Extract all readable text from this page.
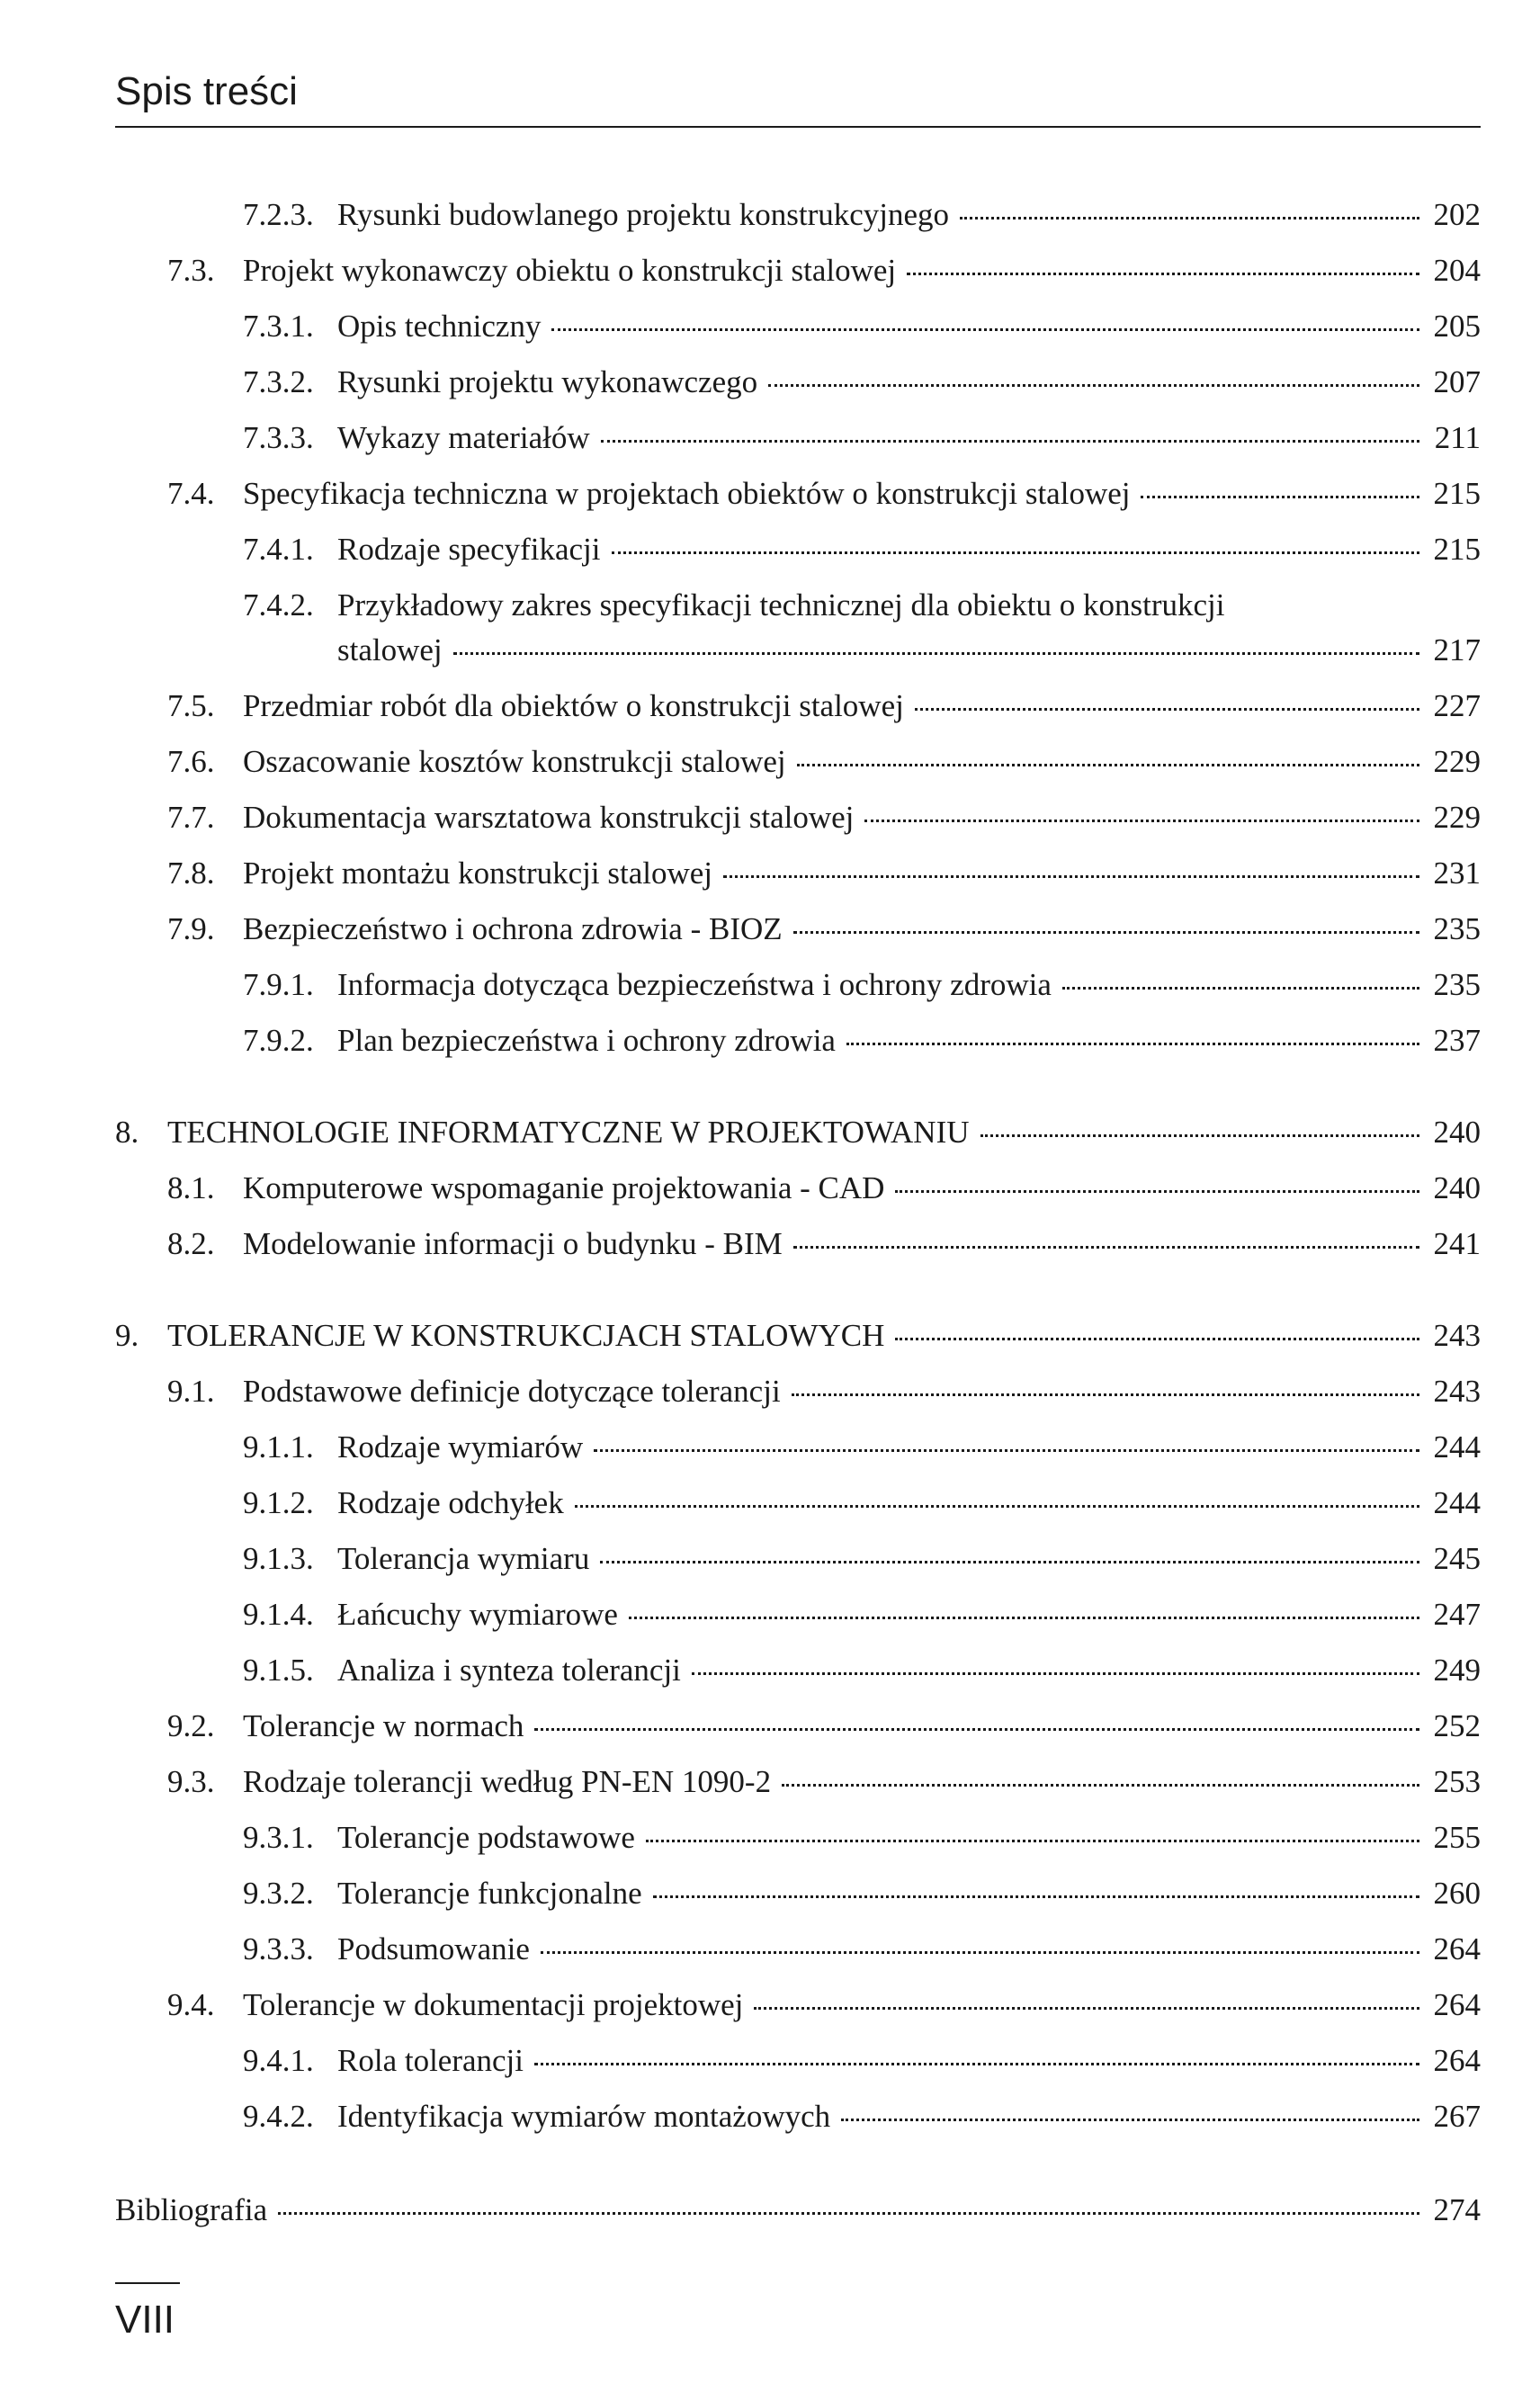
Spis treści
7.2.3. Rysunki budowlanego projektu konstrukcyjnego	202
7.3. Projekt wykonawczy obiektu o konstrukcji stalowej	204
7.3.1. Opis techniczny	205
7.3.2. Rysunki projektu wykonawczego	207
7.3.3. Wykazy materiałów	211
7.4. Specyfikacja techniczna w projektach obiektów o konstrukcji stalowej	215
7.4.1. Rodzaje specyfikacji	215
7.4.2. Przykładowy zakres specyfikacji technicznej dla obiektu o konstrukcji
stalowej	217
7.5. Przedmiar robót dla obiektów o konstrukcji stalowej	227
7.6. Oszacowanie kosztów konstrukcji stalowej	229
7.7. Dokumentacja warsztatowa konstrukcji stalowej	229
7.8. Projekt montażu konstrukcji stalowej	231
7.9. Bezpieczeństwo i ochrona zdrowia - BIOZ	235
7.9.1. Informacja dotycząca bezpieczeństwa i ochrony zdrowia	235
7.9.2. Plan bezpieczeństwa i ochrony zdrowia	237
8. TECHNOLOGIE INFORMATYCZNE W PROJEKTOWANIU	240
8.1. Komputerowe wspomaganie projektowania - CAD	240
8.2. Modelowanie informacji o budynku - BIM	241
9. TOLERANCJE W KONSTRUKCJACH STALOWYCH	243
9.1. Podstawowe definicje dotyczące tolerancji	243
9.1.1. Rodzaje wymiarów	244
9.1.2. Rodzaje odchyłek	244
9.1.3. Tolerancja wymiaru	245
9.1.4. Łańcuchy wymiarowe	247
9.1.5. Analiza i synteza tolerancji	249
9.2. Tolerancje w normach	252
9.3. Rodzaje tolerancji według PN-EN 1090-2	253
9.3.1. Tolerancje podstawowe	255
9.3.2. Tolerancje funkcjonalne	260
9.3.3. Podsumowanie	264
9.4. Tolerancje w dokumentacji projektowej	264
9.4.1. Rola tolerancji	264
9.4.2. Identyfikacja wymiarów montażowych	267
Bibliografia	274
VIII
